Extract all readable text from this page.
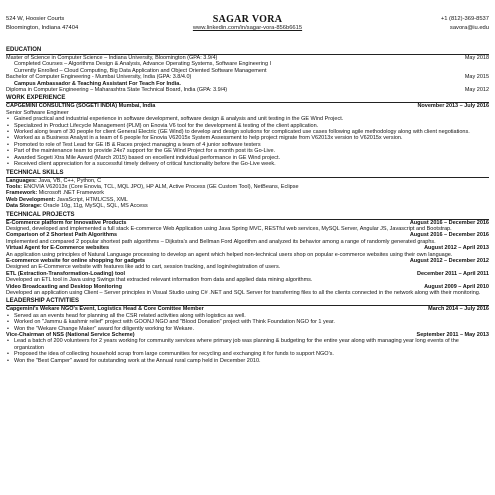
524 W, Hoosier Courts
Bloomington, Indiana 47404
SAGAR VORA
www.linkedin.com/in/sagar-vora-856b6615
+1 (812)-369-8537
savora@iu.edu
EDUCATION
Master of Science in Computer Science – Indiana University, Bloomington (GPA: 3.9/4)	May 2018
Completed Courses – Algorithms Design & Analysis, Advance Operating Systems, Software Engineering I
Currently Enrolled – Cloud Computing, Big Data Application and Object Oriented Software Management
Bachelor of Computer Engineering - Mumbai University, India (GPA: 3.8/4.0)	May 2015
Campus Ambassador & Teaching Assistant For Teach For India.
Diploma in Computer Engineering – Maharashtra State Technical Board, India (GPA: 3.9/4)	May 2012
WORK EXPERIENCE
CAPGEMINI CONSULTING (SOGETI INDIA) Mumbai, India	November 2013 – July 2016
Senior Software Engineer
• Gained practical and industrial experience in software development, software design & analysis and unit testing in the GE Wind Project.
• Specialized in Product Lifecycle Management (PLM) on Enovia V6 tool for the development & testing of the client application.
• Worked along team of 30 people for client General Electric (GE Wind) to develop and design solutions for complicated use cases following agile methodology along with client negotiations.
• Worked as a Business Analyst in a team of 6 people for Enovia V62015x System Assessment to help project migrate from V62013x version to V62015x version.
• Promoted to role of Test Lead for GE IB & Races project managing a team of 4 junior software testers
• Part of the maintenance team to provide 24x7 support for the GE Wind Project for a month post its Go-Live.
• Awarded Sogeti Xtra Mile Award (March 2015) based on excellent individual performance in GE Wind project.
• Received client appreciation for a successful timely delivery of critical functionality before the Go-Live week.
TECHNICAL SKILLS
Languages: Java, VB, C++, Python, C
Tools: ENOVIA V62013x (Core Enovia, TCL, MQL JPO), HP ALM, Active Process (GE Custom Tool), NetBeans, Eclipse
Framework: Microsoft .NET Framework
Web Development: JavaScript, HTML/CSS, XML
Data Storage: Oracle 10g, 11g, MySQL, SQL, MS Access
TECHNICAL PROJECTS
E-Commerce platform for Innovative Products	August 2016 – December 2016
Designed, developed and implemented a full stack E-commerce Web Application using Java Spring MVC, RESTful web services, MySQL Server, Angular JS, Javascript and Bootstrap.
Comparison of 2 Shortest Path Algorithms	August 2016 – December 2016
Implemented and compared 2 popular shortest path algorithms – Dijkstra's and Bellman Ford Algorithm and analyzed its behavior among a range of randomly generated graphs.
Virtual Agent for E-Commerce websites	August 2012 – April 2013
An application using principles of Natural Language processing to develop an agent which helped non-technical users shop on popular e-commerce websites using their own language.
E-commerce website for online shopping for gadgets	August 2012 – December 2012
Designed an E-Commerce website with features like add to cart, session tracking, and login/registration of users.
ETL (Extraction-Transformation-Loading) tool	December 2011 – April 2011
Developed an ETL tool in Java using Swings that extracted relevant information from data and applied data mining algorithms.
Video Broadcasting and Desktop Monitoring	August 2009 – April 2010
Developed an application using Client – Server principles in Visual Studio using C# .NET and SQL Server for transferring files to all the clients connected in the network along with their monitoring.
LEADERSHIP ACTIVITIES
Capgemini's Wekare NGO's Event, Logistics Head & Core Comittee Member	March 2014 – July 2016
• Served as an events head for planning all the CSR related activities along with logistics as well.
• Worked on "Jammu & kashmir relief" project with GOONJ NGO and "Blood Donation" project with Think Foundation NGO for 1 year.
• Won the "Wekare Change Maker" award for diligently working for Wekare.
Vice-Chairman of NSS (National Service Scheme)	September 2011 – May 2013
• Lead a batch of 200 volunteers for 2 years working for community services where primary job was planning & budgeting for the entire year along with managing year long events of the organization
• Proposed the idea of collecting household scrap from large communities for recycling and exchanging it for funds to support NGO's.
• Won the "Best Camper" award for outstanding work at the Annual rural camp held in December 2010.
